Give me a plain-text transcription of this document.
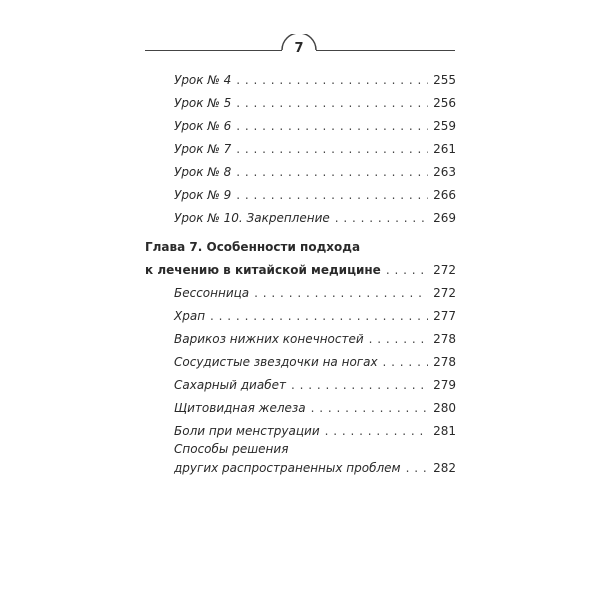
7
Урок № 4 . . .	255
Урок № 5 . . .	256
Урок № 6 . . .	259
Урок № 7 . . .	261
Урок № 8 . . .	263
Урок № 9 . . .	266
Урок № 10. Закрепление . . .	269
Глава 7. Особенности подхода
к лечению в китайской медицине . . .	272
Бессонница . . .	272
Храп . . .	277
Варикоз нижних конечностей . . .	278
Сосудистые звездочки на ногах . . .	278
Сахарный диабет . . .	279
Щитовидная железа . . .	280
Боли при менструации . . .	281
Способы решения
других распространенных проблем . . .	282
